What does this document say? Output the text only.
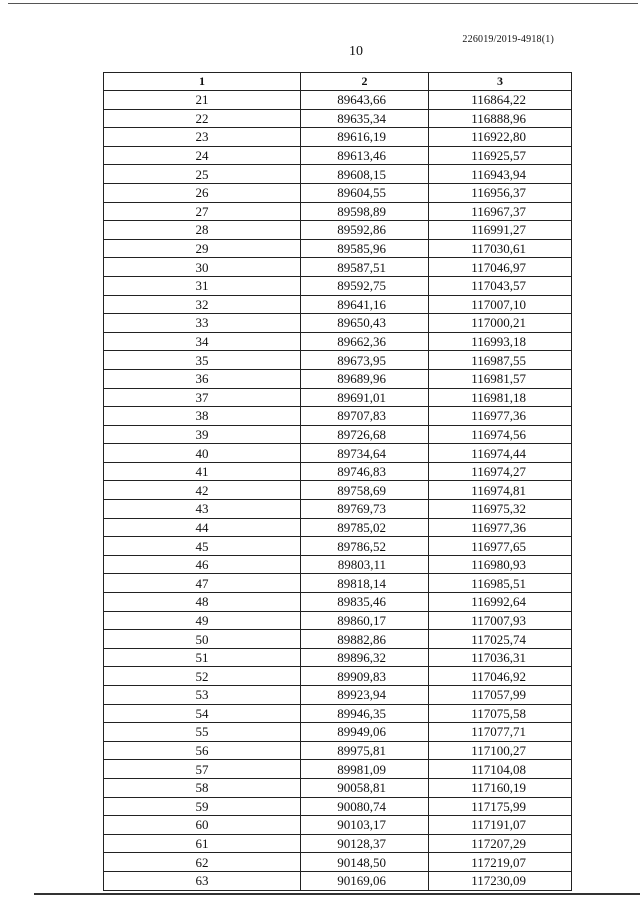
226019/2019-4918(1)
10
1	2	3
21	89643,66	116864,22
22	89635,34	116888,96
23	89616,19	116922,80
24	89613,46	116925,57
25	89608,15	116943,94
26	89604,55	116956,37
27	89598,89	116967,37
28	89592,86	116991,27
29	89585,96	117030,61
30	89587,51	117046,97
31	89592,75	117043,57
32	89641,16	117007,10
33	89650,43	117000,21
34	89662,36	116993,18
35	89673,95	116987,55
36	89689,96	116981,57
37	89691,01	116981,18
38	89707,83	116977,36
39	89726,68	116974,56
40	89734,64	116974,44
41	89746,83	116974,27
42	89758,69	116974,81
43	89769,73	116975,32
44	89785,02	116977,36
45	89786,52	116977,65
46	89803,11	116980,93
47	89818,14	116985,51
48	89835,46	116992,64
49	89860,17	117007,93
50	89882,86	117025,74
51	89896,32	117036,31
52	89909,83	117046,92
53	89923,94	117057,99
54	89946,35	117075,58
55	89949,06	117077,71
56	89975,81	117100,27
57	89981,09	117104,08
58	90058,81	117160,19
59	90080,74	117175,99
60	90103,17	117191,07
61	90128,37	117207,29
62	90148,50	117219,07
63	90169,06	117230,09
